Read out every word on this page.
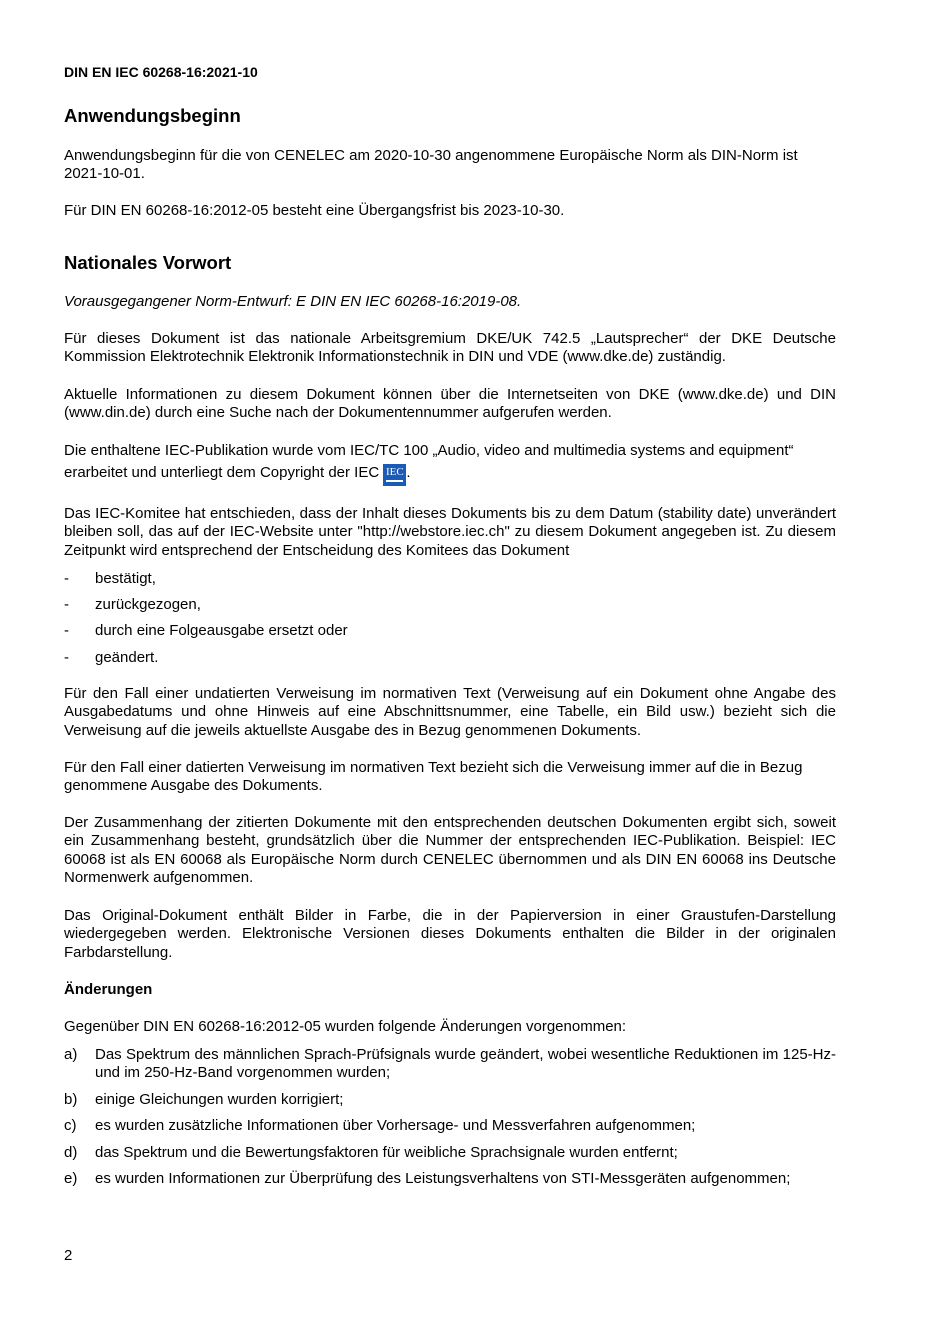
DIN EN IEC 60268-16:2021-10

Anwendungsbeginn

Anwendungsbeginn für die von CENELEC am 2020-10-30 angenommene Europäische Norm als DIN-Norm ist 2021-10-01.

Für DIN EN 60268-16:2012-05 besteht eine Übergangsfrist bis 2023-10-30.

Nationales Vorwort

Vorausgegangener Norm-Entwurf: E DIN EN IEC 60268-16:2019-08.

Für dieses Dokument ist das nationale Arbeitsgremium DKE/UK 742.5 „Lautsprecher“ der DKE Deutsche Kommission Elektrotechnik Elektronik Informationstechnik in DIN und VDE (www.dke.de) zuständig.

Aktuelle Informationen zu diesem Dokument können über die Internetseiten von DKE (www.dke.de) und DIN (www.din.de) durch eine Suche nach der Dokumentennummer aufgerufen werden.

Die enthaltene IEC-Publikation wurde vom IEC/TC 100 „Audio, video and multimedia systems and equipment“

erarbeitet und unterliegt dem Copyright der IEC IEC .

Das IEC-Komitee hat entschieden, dass der Inhalt dieses Dokuments bis zu dem Datum (stability date) unverändert bleiben soll, das auf der IEC-Website unter "http://webstore.iec.ch" zu diesem Dokument angegeben ist. Zu diesem Zeitpunkt wird entsprechend der Entscheidung des Komitees das Dokument

- bestätigt,
- zurückgezogen,
- durch eine Folgeausgabe ersetzt oder
- geändert.

Für den Fall einer undatierten Verweisung im normativen Text (Verweisung auf ein Dokument ohne Angabe des Ausgabedatums und ohne Hinweis auf eine Abschnittsnummer, eine Tabelle, ein Bild usw.) bezieht sich die Verweisung auf die jeweils aktuellste Ausgabe des in Bezug genommenen Dokuments.

Für den Fall einer datierten Verweisung im normativen Text bezieht sich die Verweisung immer auf die in Bezug genommene Ausgabe des Dokuments.

Der Zusammenhang der zitierten Dokumente mit den entsprechenden deutschen Dokumenten ergibt sich, soweit ein Zusammenhang besteht, grundsätzlich über die Nummer der entsprechenden IEC-Publikation. Beispiel: IEC 60068 ist als EN 60068 als Europäische Norm durch CENELEC übernommen und als DIN EN 60068 ins Deutsche Normenwerk aufgenommen.

Das Original-Dokument enthält Bilder in Farbe, die in der Papierversion in einer Graustufen-Darstellung wiedergegeben werden. Elektronische Versionen dieses Dokuments enthalten die Bilder in der originalen Farbdarstellung.

Änderungen

Gegenüber DIN EN 60268-16:2012-05 wurden folgende Änderungen vorgenommen:

a) Das Spektrum des männlichen Sprach-Prüfsignals wurde geändert, wobei wesentliche Reduktionen im 125-Hz- und im 250-Hz-Band vorgenommen wurden;
b) einige Gleichungen wurden korrigiert;
c) es wurden zusätzliche Informationen über Vorhersage- und Messverfahren aufgenommen;
d) das Spektrum und die Bewertungsfaktoren für weibliche Sprachsignale wurden entfernt;
e) es wurden Informationen zur Überprüfung des Leistungsverhaltens von STI-Messgeräten aufgenommen;

2
